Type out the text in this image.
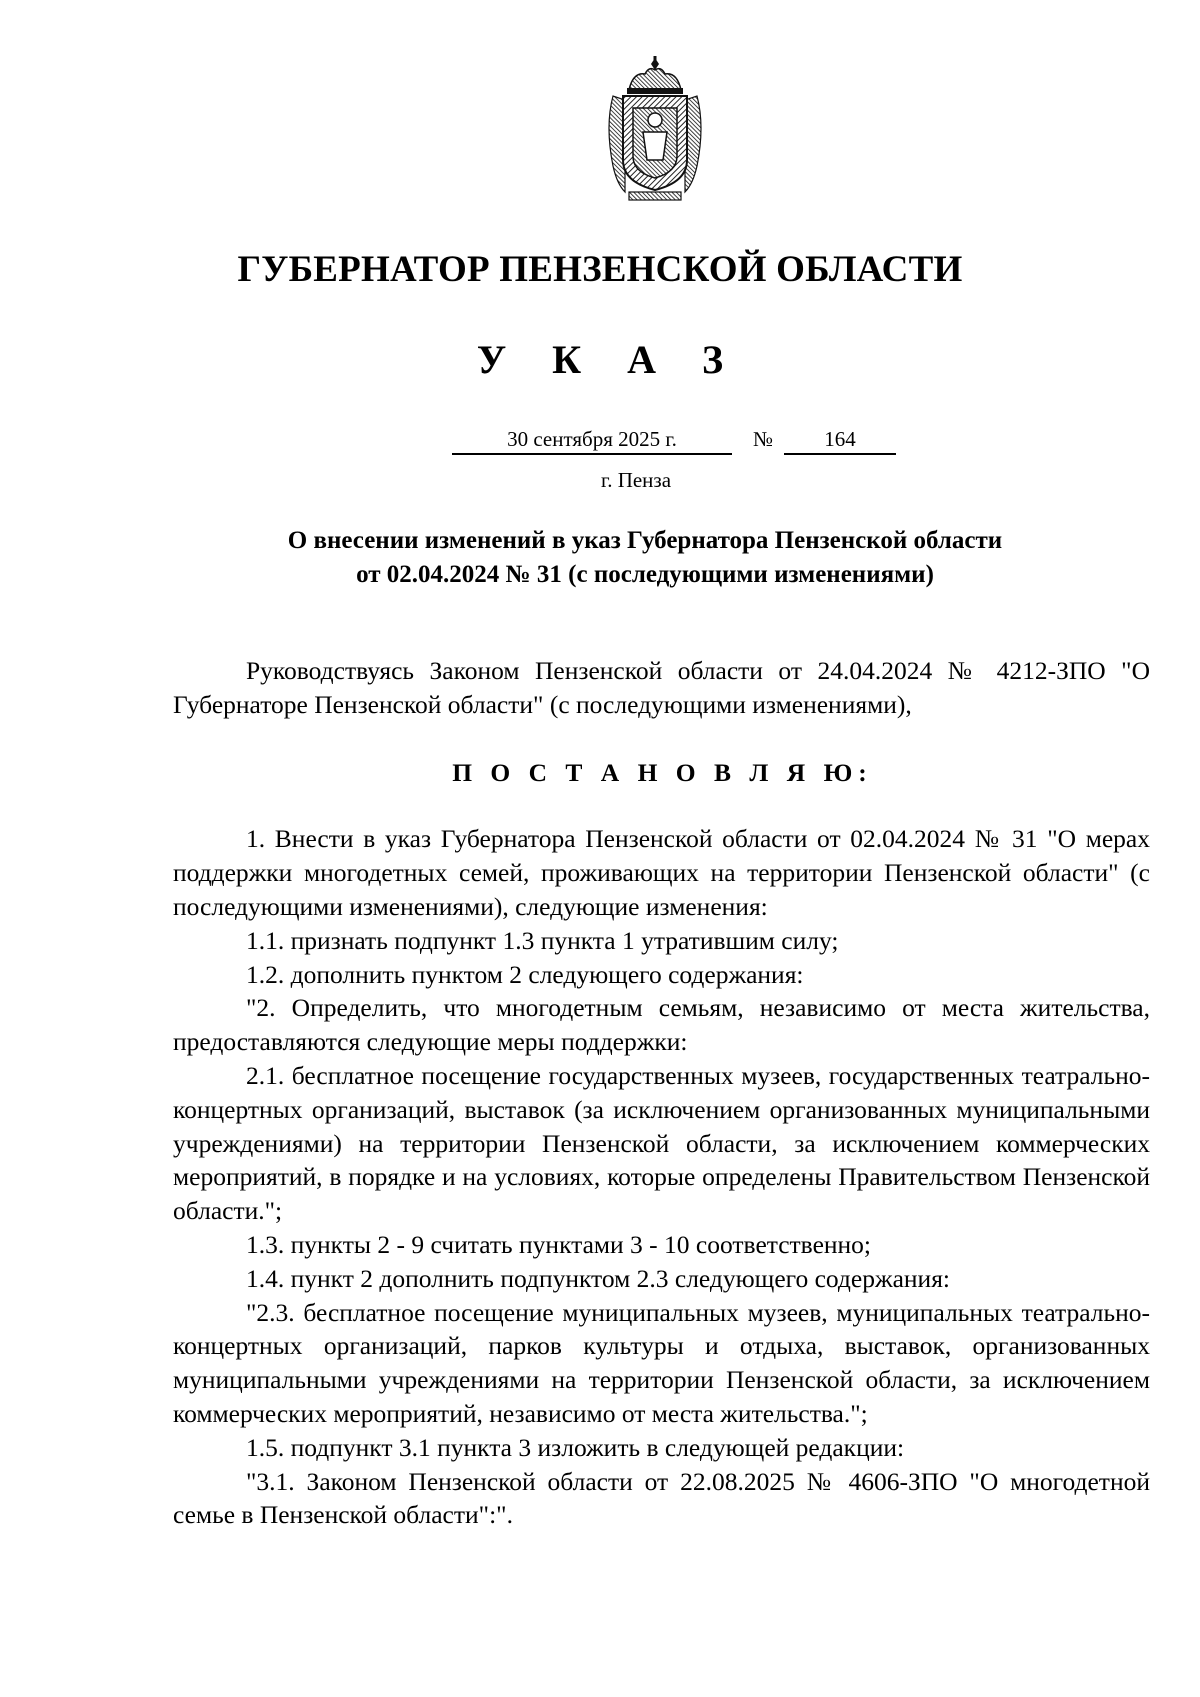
ГУБЕРНАТОР ПЕНЗЕНСКОЙ ОБЛАСТИ
У К А З
30 сентября 2025 г.	№	164
г. Пенза
О внесении изменений в указ Губернатора Пензенской области
от 02.04.2024 № 31 (с последующими изменениями)

Руководствуясь Законом Пензенской области от 24.04.2024 № 4212-ЗПО "О Губернаторе Пензенской области" (с последующими изменениями),

П О С Т А Н О В Л Я Ю:

1. Внести в указ Губернатора Пензенской области от 02.04.2024 № 31 "О мерах поддержки многодетных семей, проживающих на территории Пензенской области" (с последующими изменениями), следующие изменения:

1.1. признать подпункт 1.3 пункта 1 утратившим силу;

1.2. дополнить пунктом 2 следующего содержания:

"2. Определить, что многодетным семьям, независимо от места жительства, предоставляются следующие меры поддержки:

2.1. бесплатное посещение государственных музеев, государственных театрально-концертных организаций, выставок (за исключением организованных муниципальными учреждениями) на территории Пензенской области, за исключением коммерческих мероприятий, в порядке и на условиях, которые определены Правительством Пензенской области.";

1.3. пункты 2 - 9 считать пунктами 3 - 10 соответственно;

1.4. пункт 2 дополнить подпунктом 2.3 следующего содержания:

"2.3. бесплатное посещение муниципальных музеев, муниципальных театрально-концертных организаций, парков культуры и отдыха, выставок, организованных муниципальными учреждениями на территории Пензенской области, за исключением коммерческих мероприятий, независимо от места жительства.";

1.5. подпункт 3.1 пункта 3 изложить в следующей редакции:

"3.1. Законом Пензенской области от 22.08.2025 № 4606-ЗПО "О многодетной семье в Пензенской области":".
